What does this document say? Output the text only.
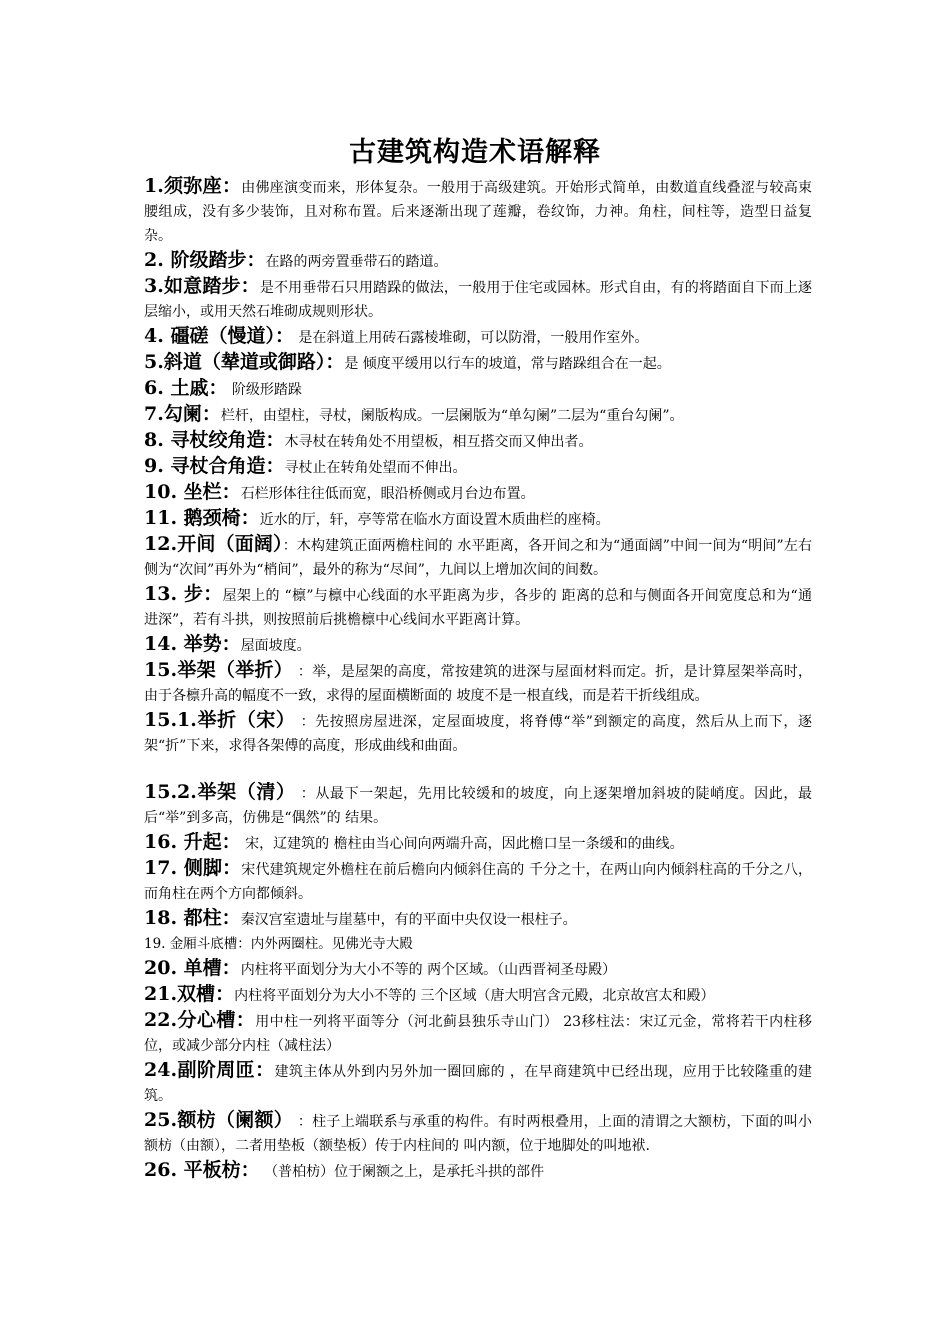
古建筑构造术语解释
1.须弥座：由佛座演变而来，形体复杂。一般用于高级建筑。开始形式简单，由数道直线叠涩与较高束腰组成，没有多少装饰，且对称布置。后来逐渐出现了莲瓣，卷纹饰，力神。角柱，间柱等，造型日益复杂。
2. 阶级踏步：在路的两旁置垂带石的踏道。
3.如意踏步：是不用垂带石只用踏跺的做法，一般用于住宅或园林。形式自由，有的将踏面自下而上逐层缩小，或用天然石堆砌成规则形状。
4. 礓磋（慢道）： 是在斜道上用砖石露棱堆砌，可以防滑，一般用作室外。
5.斜道（辇道或御路）：是 倾度平缓用以行车的坡道，常与踏跺组合在一起。
6. 土戚： 阶级形踏跺
7.勾阑：栏杆，由望柱，寻杖，阑版构成。一层阑版为“单勾阑”二层为“重台勾阑”。
8. 寻杖绞角造：木寻杖在转角处不用望板，相互搭交而又伸出者。
9. 寻杖合角造：寻杖止在转角处望而不伸出。
10. 坐栏：石栏形体往往低而宽，眼沿桥侧或月台边布置。
11. 鹅颈椅：近水的厅，轩，亭等常在临水方面设置木质曲栏的座椅。
12.开间（面阔）：木构建筑正面两檐柱间的 水平距离，各开间之和为“通面阔”中间一间为“明间”左右侧为“次间”再外为“梢间”，最外的称为“尽间”，九间以上增加次间的间数。
13. 步：屋架上的 “檩”与檩中心线面的水平距离为步，各步的 距离的总和与侧面各开间宽度总和为“通进深”，若有斗拱，则按照前后挑檐檩中心线间水平距离计算。
14. 举势：屋面坡度。
15.举架（举折） ：举，是屋架的高度，常按建筑的进深与屋面材料而定。折，是计算屋架举高时，由于各檩升高的幅度不一致，求得的屋面横断面的 坡度不是一根直线，而是若干折线组成。
15.1.举折（宋） ：先按照房屋进深，定屋面坡度，将脊傅“举”到额定的高度，然后从上而下，逐架“折”下来，求得各架傅的高度，形成曲线和曲面。
15.2.举架（清） ：从最下一架起，先用比较缓和的坡度，向上逐架增加斜坡的陡峭度。因此，最后“举”到多高，仿佛是“偶然”的 结果。
16. 升起： 宋，辽建筑的 檐柱由当心间向两端升高，因此檐口呈一条缓和的曲线。
17. 侧脚：宋代建筑规定外檐柱在前后檐向内倾斜住高的 千分之十，在两山向内倾斜柱高的千分之八，而角柱在两个方向都倾斜。
18. 都柱：秦汉宫室遗址与崖墓中，有的平面中央仅设一根柱子。
19. 金厢斗底槽：内外两圈柱。见佛光寺大殿
20. 单槽：内柱将平面划分为大小不等的 两个区域。（山西晋祠圣母殿）
21.双槽：内柱将平面划分为大小不等的 三个区域（唐大明宫含元殿，北京故宫太和殿）
22.分心槽：用中柱一列将平面等分（河北蓟县独乐寺山门） 23移柱法：宋辽元金，常将若干内柱移位，或减少部分内柱（减柱法）
24.副阶周匝：建筑主体从外到内另外加一圈回廊的 ，在早商建筑中已经出现，应用于比较隆重的建筑。
25.额枋（阑额） ：柱子上端联系与承重的构件。有时两根叠用，上面的清谓之大额枋，下面的叫小额枋（由额），二者用垫板（额垫板）传于内柱间的 叫内额，位于地脚处的叫地袱.
26. 平板枋： （普柏枋）位于阑额之上，是承托斗拱的部件
